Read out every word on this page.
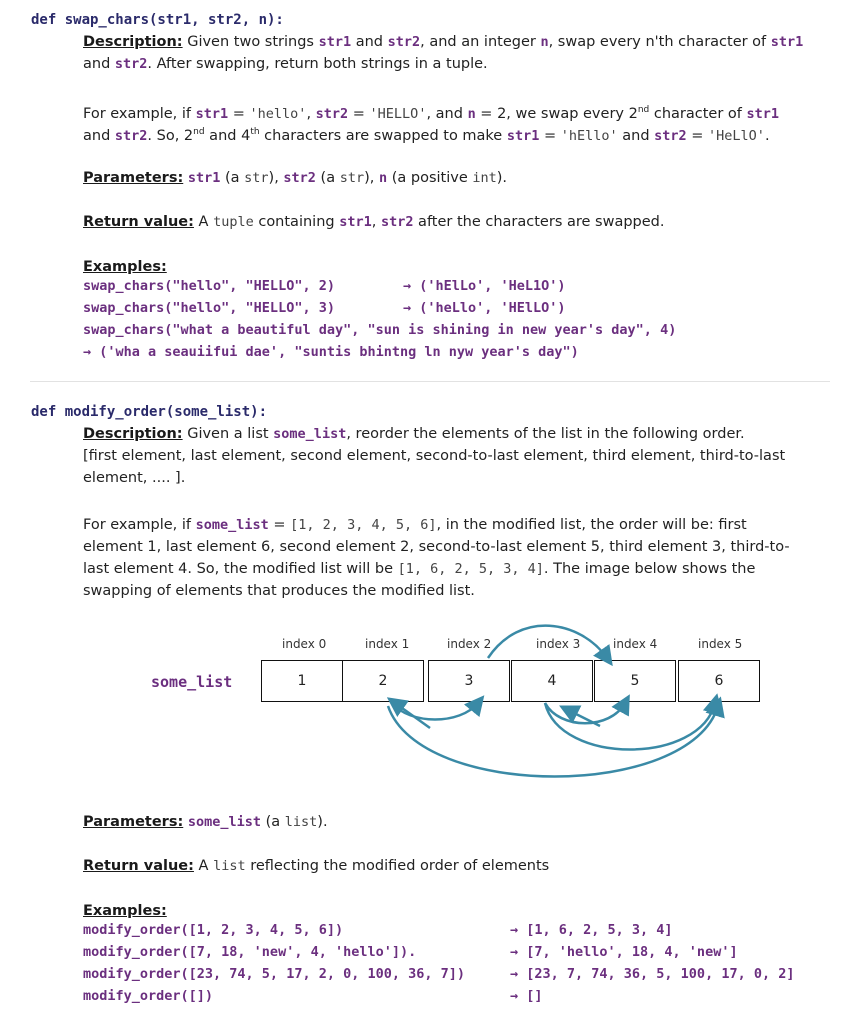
def swap_chars(str1, str2, n):
Description: Given two strings str1 and str2, and an integer n, swap every n'th character of str1
and str2. After swapping, return both strings in a tuple.
For example, if str1 = 'hello', str2 = 'HELLO', and n = 2, we swap every 2nd character of str1
and str2. So, 2nd and 4th characters are swapped to make str1 = 'hEllo' and str2 = 'HeLlO'.
Parameters: str1 (a str), str2 (a str), n (a positive int).
Return value: A tuple containing str1, str2 after the characters are swapped.
Examples:
swap_chars("hello", "HELLO", 2)	→ ('hElLo', 'HeL1O')
swap_chars("hello", "HELLO", 3)	→ ('heLlo', 'HElLO')
swap_chars("what a beautiful day", "sun is shining in new year's day", 4)
→ ('wha a seauiifui dae', "suntis bhintng ln nyw year's day")
def modify_order(some_list):
Description: Given a list some_list, reorder the elements of the list in the following order.
[first element, last element, second element, second-to-last element, third element, third-to-last
element, .... ].
For example, if some_list = [1, 2, 3, 4, 5, 6], in the modified list, the order will be: first
element 1, last element 6, second element 2, second-to-last element 5, third element 3, third-to-
last element 4. So, the modified list will be [1, 6, 2, 5, 3, 4]. The image below shows the
swapping of elements that produces the modified list.
index 0	index 1	index 2	index 3	index 4	index 5
some_list	1	2	3	4	5	6
Parameters: some_list (a list).
Return value: A list reflecting the modified order of elements
Examples:
modify_order([1, 2, 3, 4, 5, 6])	→ [1, 6, 2, 5, 3, 4]
modify_order([7, 18, 'new', 4, 'hello']).	→ [7, 'hello', 18, 4, 'new']
modify_order([23, 74, 5, 17, 2, 0, 100, 36, 7])	→ [23, 7, 74, 36, 5, 100, 17, 0, 2]
modify_order([])	→ []
